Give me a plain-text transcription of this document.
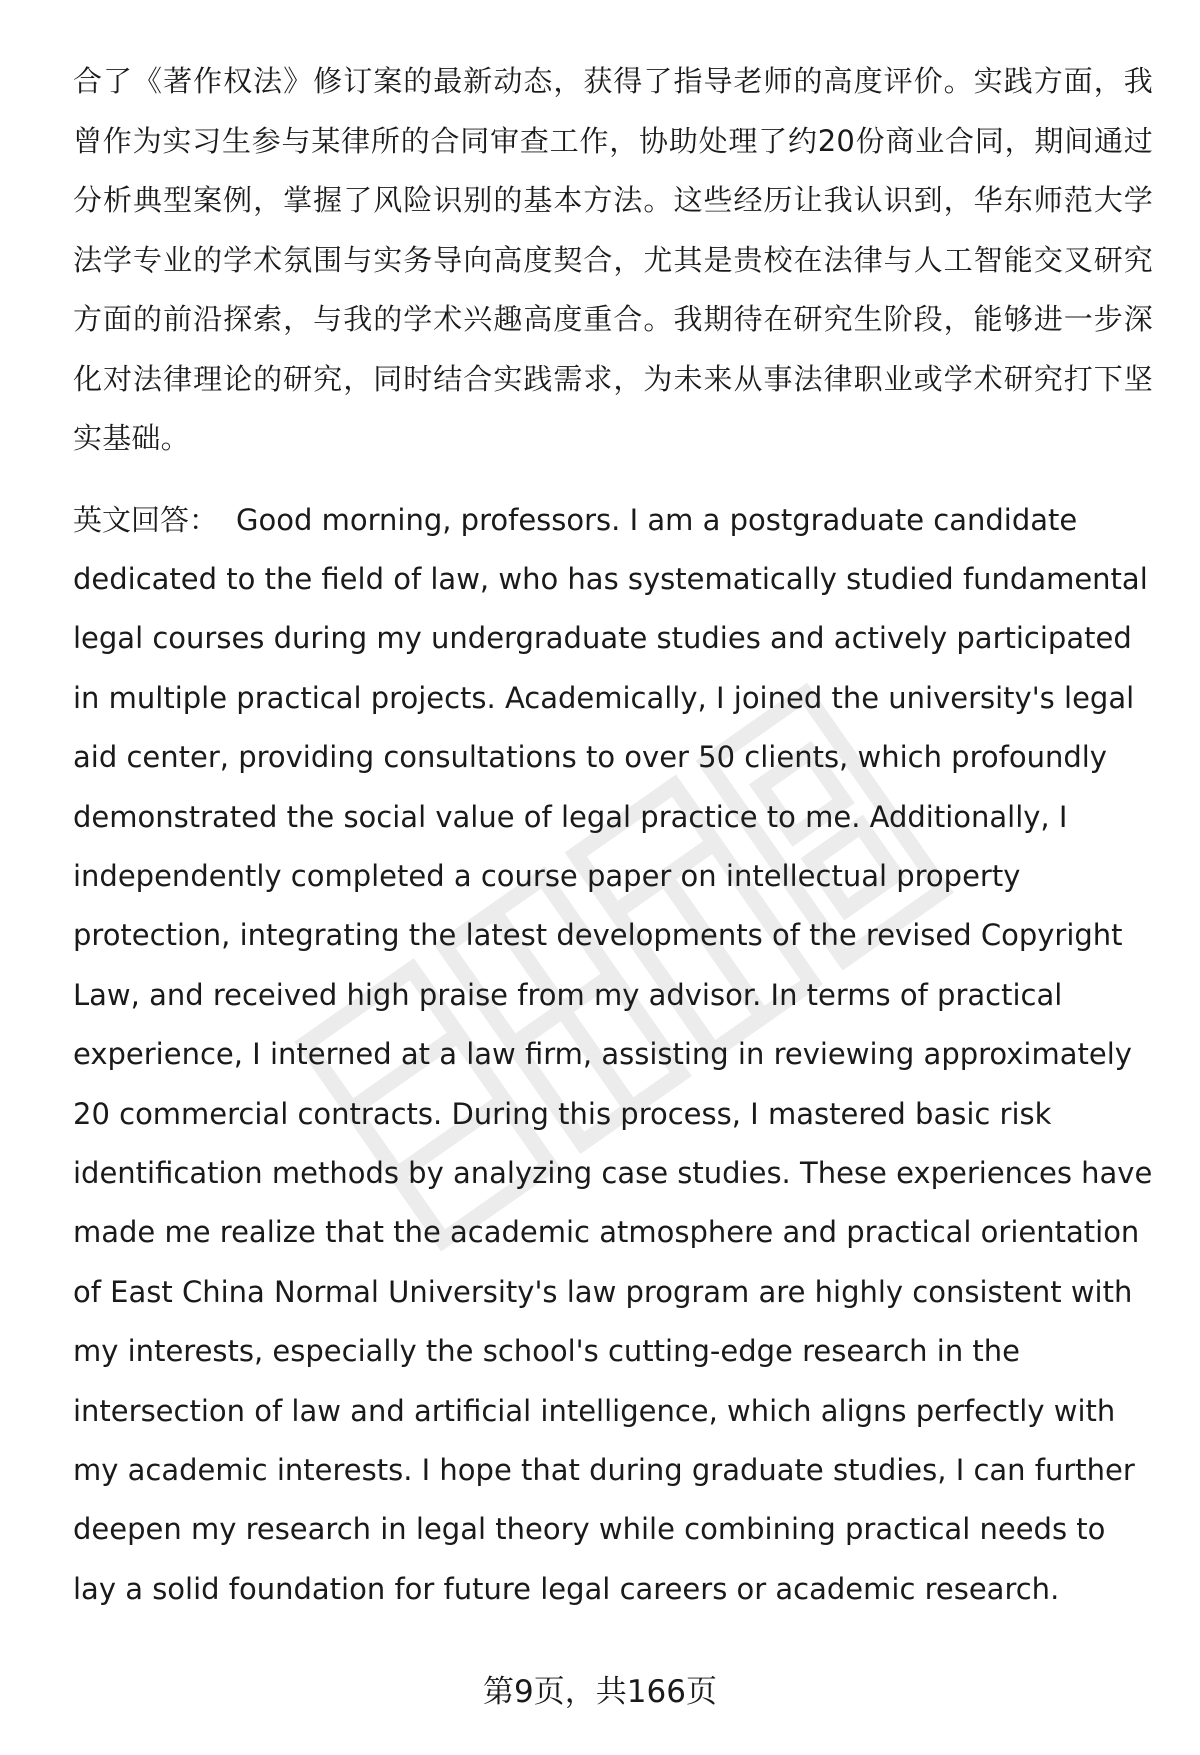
合了《著作权法》修订案的最新动态，获得了指导老师的高度评价。实践方面，我曾作为实习生参与某律所的合同审查工作，协助处理了约20份商业合同，期间通过分析典型案例，掌握了风险识别的基本方法。这些经历让我认识到，华东师范大学法学专业的学术氛围与实务导向高度契合，尤其是贵校在法律与人工智能交叉研究方面的前沿探索，与我的学术兴趣高度重合。我期待在研究生阶段，能够进一步深化对法律理论的研究，同时结合实践需求，为未来从事法律职业或学术研究打下坚实基础。

英文回答： Good morning, professors. I am a postgraduate candidate dedicated to the field of law, who has systematically studied fundamental legal courses during my undergraduate studies and actively participated in multiple practical projects. Academically, I joined the university's legal aid center, providing consultations to over 50 clients, which profoundly demonstrated the social value of legal practice to me. Additionally, I independently completed a course paper on intellectual property protection, integrating the latest developments of the revised Copyright Law, and received high praise from my advisor. In terms of practical experience, I interned at a law firm, assisting in reviewing approximately 20 commercial contracts. During this process, I mastered basic risk identification methods by analyzing case studies. These experiences have made me realize that the academic atmosphere and practical orientation of East China Normal University's law program are highly consistent with my interests, especially the school's cutting-edge research in the intersection of law and artificial intelligence, which aligns perfectly with my academic interests. I hope that during graduate studies, I can further deepen my research in legal theory while combining practical needs to lay a solid foundation for future legal careers or academic research.

第9页，共166页
